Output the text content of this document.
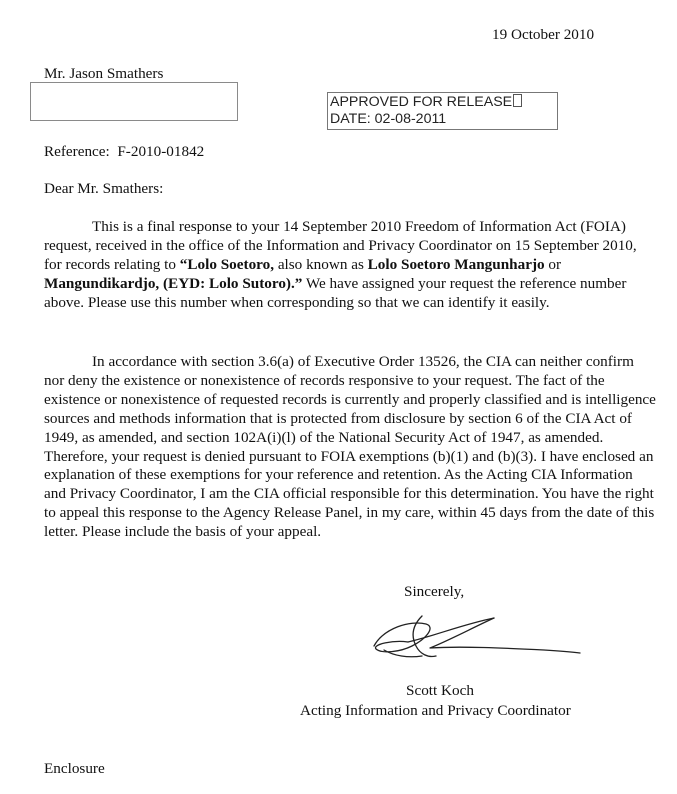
19 October 2010
Mr. Jason Smathers
APPROVED FOR RELEASE
DATE: 02-08-2011
Reference: F-2010-01842
Dear Mr. Smathers:
This is a final response to your 14 September 2010 Freedom of Information Act (FOIA) request, received in the office of the Information and Privacy Coordinator on 15 September 2010, for records relating to “Lolo Soetoro, also known as Lolo Soetoro Mangunharjo or Mangundikardjo, (EYD: Lolo Sutoro).” We have assigned your request the reference number above. Please use this number when corresponding so that we can identify it easily.
In accordance with section 3.6(a) of Executive Order 13526, the CIA can neither confirm nor deny the existence or nonexistence of records responsive to your request. The fact of the existence or nonexistence of requested records is currently and properly classified and is intelligence sources and methods information that is protected from disclosure by section 6 of the CIA Act of 1949, as amended, and section 102A(i)(l) of the National Security Act of 1947, as amended. Therefore, your request is denied pursuant to FOIA exemptions (b)(1) and (b)(3). I have enclosed an explanation of these exemptions for your reference and retention. As the Acting CIA Information and Privacy Coordinator, I am the CIA official responsible for this determination. You have the right to appeal this response to the Agency Release Panel, in my care, within 45 days from the date of this letter. Please include the basis of your appeal.
Sincerely,
Scott Koch
Acting Information and Privacy Coordinator
Enclosure
